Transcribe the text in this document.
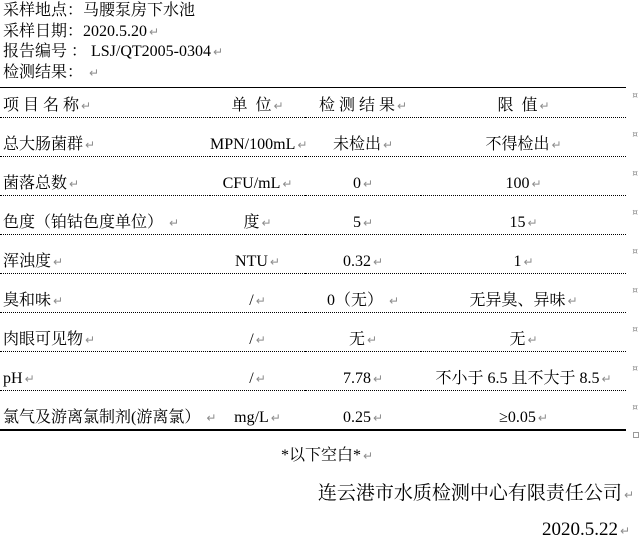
采样地点：马腰泵房下水池
采样日期：2020.5.20 ↵
报告编号 ： LSJ/QT2005-0304 ↵
检测结果： ↵
项 目 名 称 ↵	单  位 ↵	检 测 结 果 ↵	限  值 ↵
总大肠菌群 ↵	MPN/100mL ↵	未检出 ↵	不得检出 ↵
菌落总数 ↵	CFU/mL ↵	0 ↵	100 ↵
色度（铂钴色度单位） ↵	度 ↵	5 ↵	15 ↵
浑浊度 ↵	NTU ↵	0.32 ↵	1 ↵
臭和味 ↵	/ ↵	0（无） ↵	无异臭、异味 ↵
肉眼可见物 ↵	/ ↵	无 ↵	无 ↵
pH ↵	/ ↵	7.78 ↵	不小于 6.5 且不大于 8.5 ↵
氯气及游离氯制剂(游离氯） ↵	mg/L ↵	0.25 ↵	≥0.05 ↵
¤
¤
¤
¤
¤
¤
¤
¤
¤
*以下空白* ↵
连云港市水质检测中心有限责任公司 ↵
2020.5.22 ↵
